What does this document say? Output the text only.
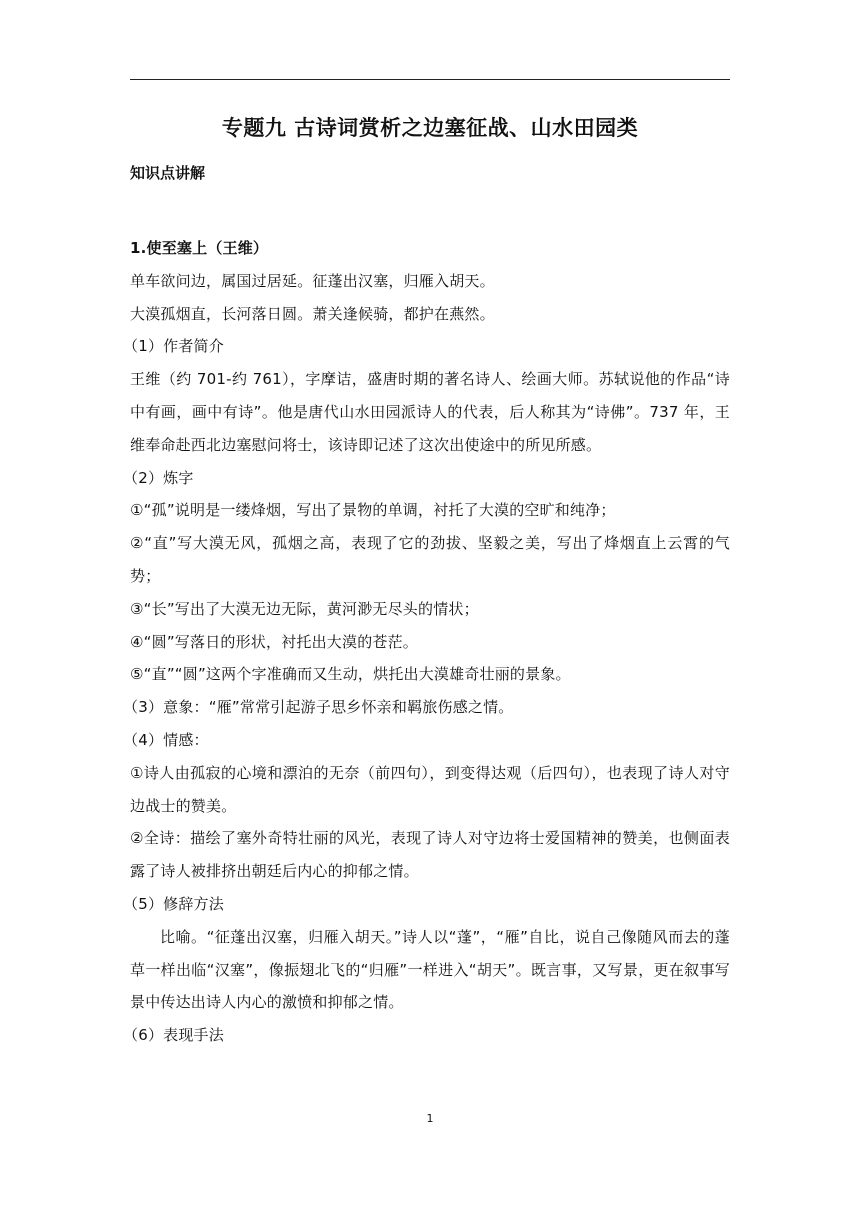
专题九 古诗词赏析之边塞征战、山水田园类
知识点讲解

1.使至塞上（王维）

单车欲问边，属国过居延。征蓬出汉塞，归雁入胡天。

大漠孤烟直，长河落日圆。萧关逢候骑，都护在燕然。

（1）作者简介

王维（约 701-约 761），字摩诘，盛唐时期的著名诗人、绘画大师。苏轼说他的作品“诗中有画，画中有诗”。他是唐代山水田园派诗人的代表，后人称其为“诗佛”。737 年，王维奉命赴西北边塞慰问将士，该诗即记述了这次出使途中的所见所感。

（2）炼字

①“孤”说明是一缕烽烟，写出了景物的单调，衬托了大漠的空旷和纯净；

②“直”写大漠无风，孤烟之高，表现了它的劲拔、坚毅之美，写出了烽烟直上云霄的气势；

③“长”写出了大漠无边无际，黄河渺无尽头的情状；

④“圆”写落日的形状，衬托出大漠的苍茫。

⑤“直”“圆”这两个字准确而又生动，烘托出大漠雄奇壮丽的景象。

（3）意象：“雁”常常引起游子思乡怀亲和羁旅伤感之情。

（4）情感：

①诗人由孤寂的心境和漂泊的无奈（前四句），到变得达观（后四句），也表现了诗人对守边战士的赞美。

②全诗：描绘了塞外奇特壮丽的风光，表现了诗人对守边将士爱国精神的赞美，也侧面表露了诗人被排挤出朝廷后内心的抑郁之情。

（5）修辞方法

比喻。“征蓬出汉塞，归雁入胡天。”诗人以“蓬”，“雁”自比，说自己像随风而去的蓬草一样出临“汉塞”，像振翅北飞的“归雁”一样进入“胡天”。既言事，又写景，更在叙事写景中传达出诗人内心的激愤和抑郁之情。

（6）表现手法

1
